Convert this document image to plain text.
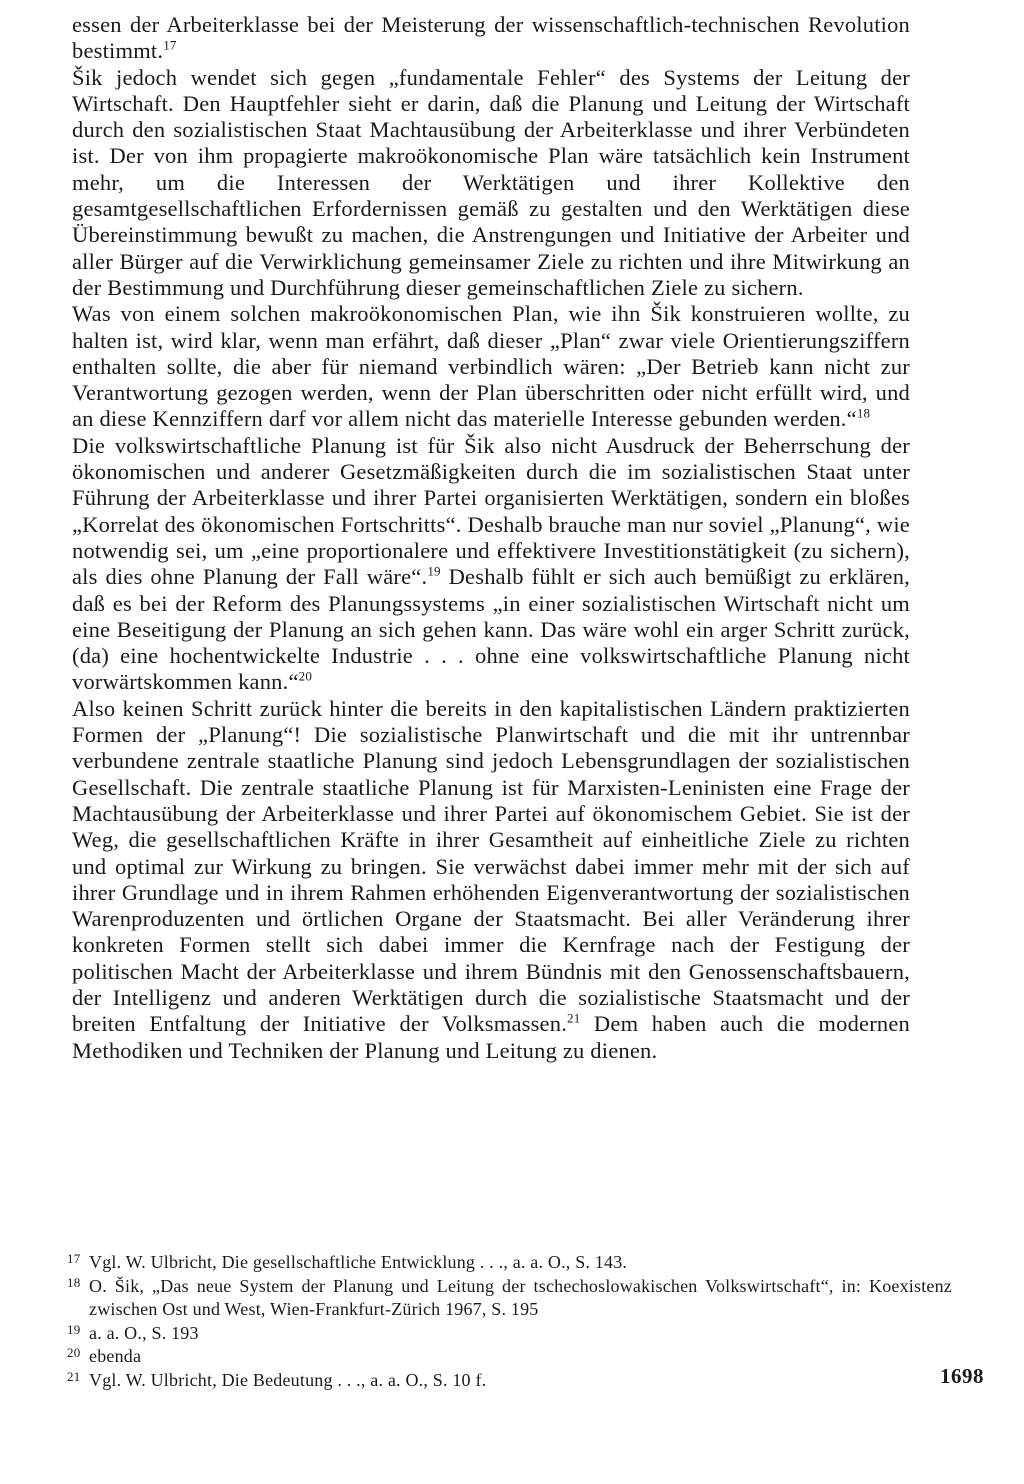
essen der Arbeiterklasse bei der Meisterung der wissenschaftlich-technischen Revolution bestimmt.$^{17}$

Šik jedoch wendet sich gegen „fundamentale Fehler“ des Systems der Leitung der Wirtschaft. Den Hauptfehler sieht er darin, daß die Planung und Leitung der Wirtschaft durch den sozialistischen Staat Machtausübung der Arbeiterklasse und ihrer Verbündeten ist. Der von ihm propagierte makroökonomische Plan wäre tatsächlich kein Instrument mehr, um die Interessen der Werktätigen und ihrer Kollektive den gesamtgesellschaftlichen Erfordernissen gemäß zu gestalten und den Werktätigen diese Übereinstimmung bewußt zu machen, die Anstrengungen und Initiative der Arbeiter und aller Bürger auf die Verwirklichung gemeinsamer Ziele zu richten und ihre Mitwirkung an der Bestimmung und Durchführung dieser gemeinschaftlichen Ziele zu sichern.

Was von einem solchen makroökonomischen Plan, wie ihn Šik konstruieren wollte, zu halten ist, wird klar, wenn man erfährt, daß dieser „Plan“ zwar viele Orientierungsziffern enthalten sollte, die aber für niemand verbindlich wären: „Der Betrieb kann nicht zur Verantwortung gezogen werden, wenn der Plan überschritten oder nicht erfüllt wird, und an diese Kennziffern darf vor allem nicht das materielle Interesse gebunden werden.“$^{18}$

Die volkswirtschaftliche Planung ist für Šik also nicht Ausdruck der Beherrschung der ökonomischen und anderer Gesetzmäßigkeiten durch die im sozialistischen Staat unter Führung der Arbeiterklasse und ihrer Partei organisierten Werktätigen, sondern ein bloßes „Korrelat des ökonomischen Fortschritts“. Deshalb brauche man nur soviel „Planung“, wie notwendig sei, um „eine proportionalere und effektivere Investitionstätigkeit (zu sichern), als dies ohne Planung der Fall wäre“.$^{19}$ Deshalb fühlt er sich auch bemüßigt zu erklären, daß es bei der Reform des Planungssystems „in einer sozialistischen Wirtschaft nicht um eine Beseitigung der Planung an sich gehen kann. Das wäre wohl ein arger Schritt zurück, (da) eine hochentwickelte Industrie . . . ohne eine volkswirtschaftliche Planung nicht vorwärtskommen kann.“$^{20}$

Also keinen Schritt zurück hinter die bereits in den kapitalistischen Ländern praktizierten Formen der „Planung“! Die sozialistische Planwirtschaft und die mit ihr untrennbar verbundene zentrale staatliche Planung sind jedoch Lebensgrundlagen der sozialistischen Gesellschaft. Die zentrale staatliche Planung ist für Marxisten-Leninisten eine Frage der Machtausübung der Arbeiterklasse und ihrer Partei auf ökonomischem Gebiet. Sie ist der Weg, die gesellschaftlichen Kräfte in ihrer Gesamtheit auf einheitliche Ziele zu richten und optimal zur Wirkung zu bringen. Sie verwächst dabei immer mehr mit der sich auf ihrer Grundlage und in ihrem Rahmen erhöhenden Eigenverantwortung der sozialistischen Warenproduzenten und örtlichen Organe der Staatsmacht. Bei aller Veränderung ihrer konkreten Formen stellt sich dabei immer die Kernfrage nach der Festigung der politischen Macht der Arbeiterklasse und ihrem Bündnis mit den Genossenschaftsbauern, der Intelligenz und anderen Werktätigen durch die sozialistische Staatsmacht und der breiten Entfaltung der Initiative der Volksmassen.$^{21}$ Dem haben auch die modernen Methodiken und Techniken der Planung und Leitung zu dienen.

17 Vgl. W. Ulbricht, Die gesellschaftliche Entwicklung . . ., a. a. O., S. 143.

18 O. Šik, „Das neue System der Planung und Leitung der tschechoslowakischen Volkswirtschaft“, in: Koexistenz zwischen Ost und West, Wien-Frankfurt-Zürich 1967, S. 195

19 a. a. O., S. 193

20 ebenda

21 Vgl. W. Ulbricht, Die Bedeutung . . ., a. a. O., S. 10 f.	1698
